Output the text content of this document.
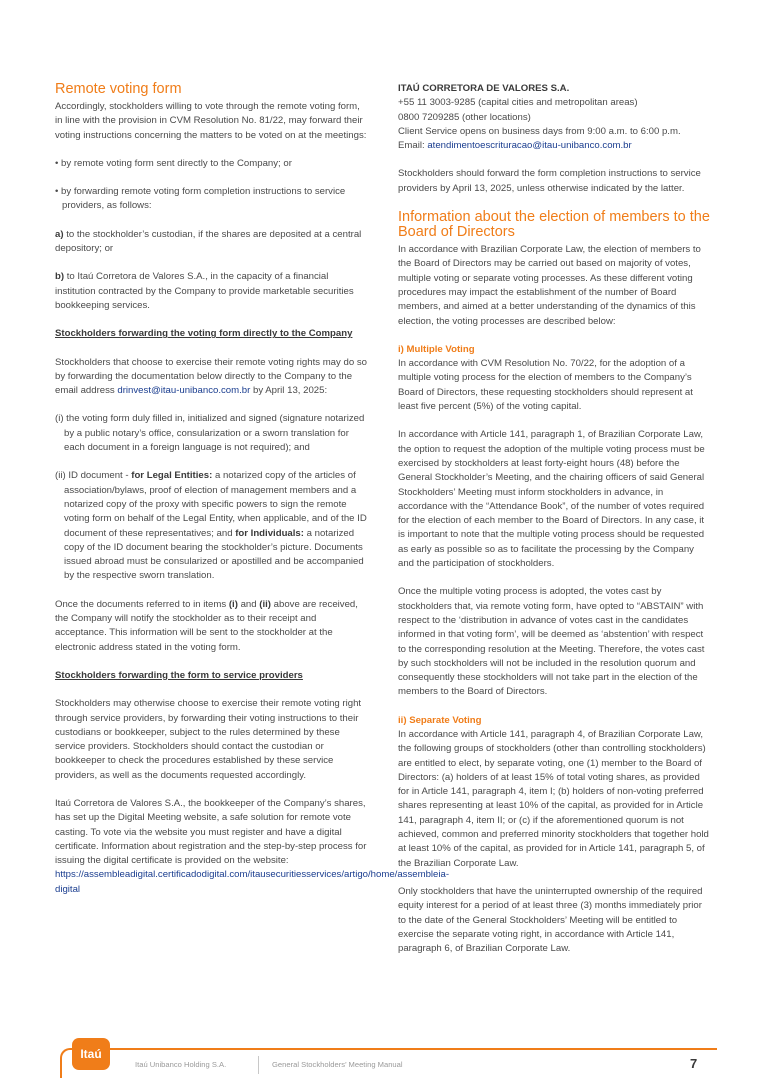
Remote voting form

Accordingly, stockholders willing to vote through the remote voting form, in line with the provision in CVM Resolution No. 81/22, may forward their voting instructions concerning the matters to be voted on at the meetings:

• by remote voting form sent directly to the Company; or

• by forwarding remote voting form completion instructions to service providers, as follows:

a) to the stockholder’s custodian, if the shares are deposited at a central depository; or

b) to Itaú Corretora de Valores S.A., in the capacity of a financial institution contracted by the Company to provide marketable securities bookkeeping services.

Stockholders forwarding the voting form directly to the Company

Stockholders that choose to exercise their remote voting rights may do so by forwarding the documentation below directly to the Company to the email address drinvest@itau-unibanco.com.br by April 13, 2025:

(i) the voting form duly filled in, initialized and signed (signature notarized by a public notary’s office, consularization or a sworn translation for each document in a foreign language is not required); and

(ii) ID document - for Legal Entities: a notarized copy of the articles of association/bylaws, proof of election of management members and a notarized copy of the proxy with specific powers to sign the remote voting form on behalf of the Legal Entity, when applicable, and of the ID document of these representatives; and for Individuals: a notarized copy of the ID document bearing the stockholder’s picture. Documents issued abroad must be consularized or apostilled and be accompanied by the respective sworn translation.

Once the documents referred to in items (i) and (ii) above are received, the Company will notify the stockholder as to their receipt and acceptance. This information will be sent to the stockholder at the electronic address stated in the voting form.

Stockholders forwarding the form to service providers

Stockholders may otherwise choose to exercise their remote voting right through service providers, by forwarding their voting instructions to their custodians or bookkeeper, subject to the rules determined by these service providers. Stockholders should contact the custodian or bookkeeper to check the procedures established by these service providers, as well as the documents requested accordingly.

Itaú Corretora de Valores S.A., the bookkeeper of the Company’s shares, has set up the Digital Meeting website, a safe solution for remote vote casting. To vote via the website you must register and have a digital certificate. Information about registration and the step-by-step process for issuing the digital certificate is provided on the website: https://assembleadigital.certificadodigital.com/itausecuritiesservices/artigo/home/assembleia-digital

ITAÚ CORRETORA DE VALORES S.A.

+55 11 3003-9285 (capital cities and metropolitan areas)

0800 7209285 (other locations)

Client Service opens on business days from 9:00 a.m. to 6:00 p.m.

Email: atendimentoescrituracao@itau-unibanco.com.br

Stockholders should forward the form completion instructions to service providers by April 13, 2025, unless otherwise indicated by the latter.

Information about the election of members to the Board of Directors

In accordance with Brazilian Corporate Law, the election of members to the Board of Directors may be carried out based on majority of votes, multiple voting or separate voting processes. As these different voting procedures may impact the establishment of the number of Board members, and aimed at a better understanding of the dynamics of this election, the voting processes are described below:

i) Multiple Voting

In accordance with CVM Resolution No. 70/22, for the adoption of a multiple voting process for the election of members to the Company’s Board of Directors, these requesting stockholders should represent at least five percent (5%) of the voting capital.

In accordance with Article 141, paragraph 1, of Brazilian Corporate Law, the option to request the adoption of the multiple voting process must be exercised by stockholders at least forty-eight hours (48) before the General Stockholder’s Meeting, and the chairing officers of said General Stockholders’ Meeting must inform stockholders in advance, in accordance with the “Attendance Book”, of the number of votes required for the election of each member to the Board of Directors. In any case, it is important to note that the multiple voting process should be requested as early as possible so as to facilitate the processing by the Company and the participation of stockholders.

Once the multiple voting process is adopted, the votes cast by stockholders that, via remote voting form, have opted to “ABSTAIN” with respect to the ‘distribution in advance of votes cast in the candidates informed in that voting form’, will be deemed as ‘abstention’ with respect to the corresponding resolution at the Meeting. Therefore, the votes cast by such stockholders will not be included in the resolution quorum and consequently these stockholders will not take part in the election of the members to the Board of Directors.

ii) Separate Voting

In accordance with Article 141, paragraph 4, of Brazilian Corporate Law, the following groups of stockholders (other than controlling stockholders) are entitled to elect, by separate voting, one (1) member to the Board of Directors: (a) holders of at least 15% of total voting shares, as provided for in Article 141, paragraph 4, item I; (b) holders of non-voting preferred shares representing at least 10% of the capital, as provided for in Article 141, paragraph 4, item II; or (c) if the aforementioned quorum is not achieved, common and preferred minority stockholders that together hold at least 10% of the capital, as provided for in Article 141, paragraph 5, of the Brazilian Corporate Law.

Only stockholders that have the uninterrupted ownership of the required equity interest for a period of at least three (3) months immediately prior to the date of the General Stockholders’ Meeting will be entitled to exercise the separate voting right, in accordance with Article 141, paragraph 6, of Brazilian Corporate Law.

Itaú
Itaú Unibanco Holding S.A.	General Stockholders’ Meeting Manual	7
